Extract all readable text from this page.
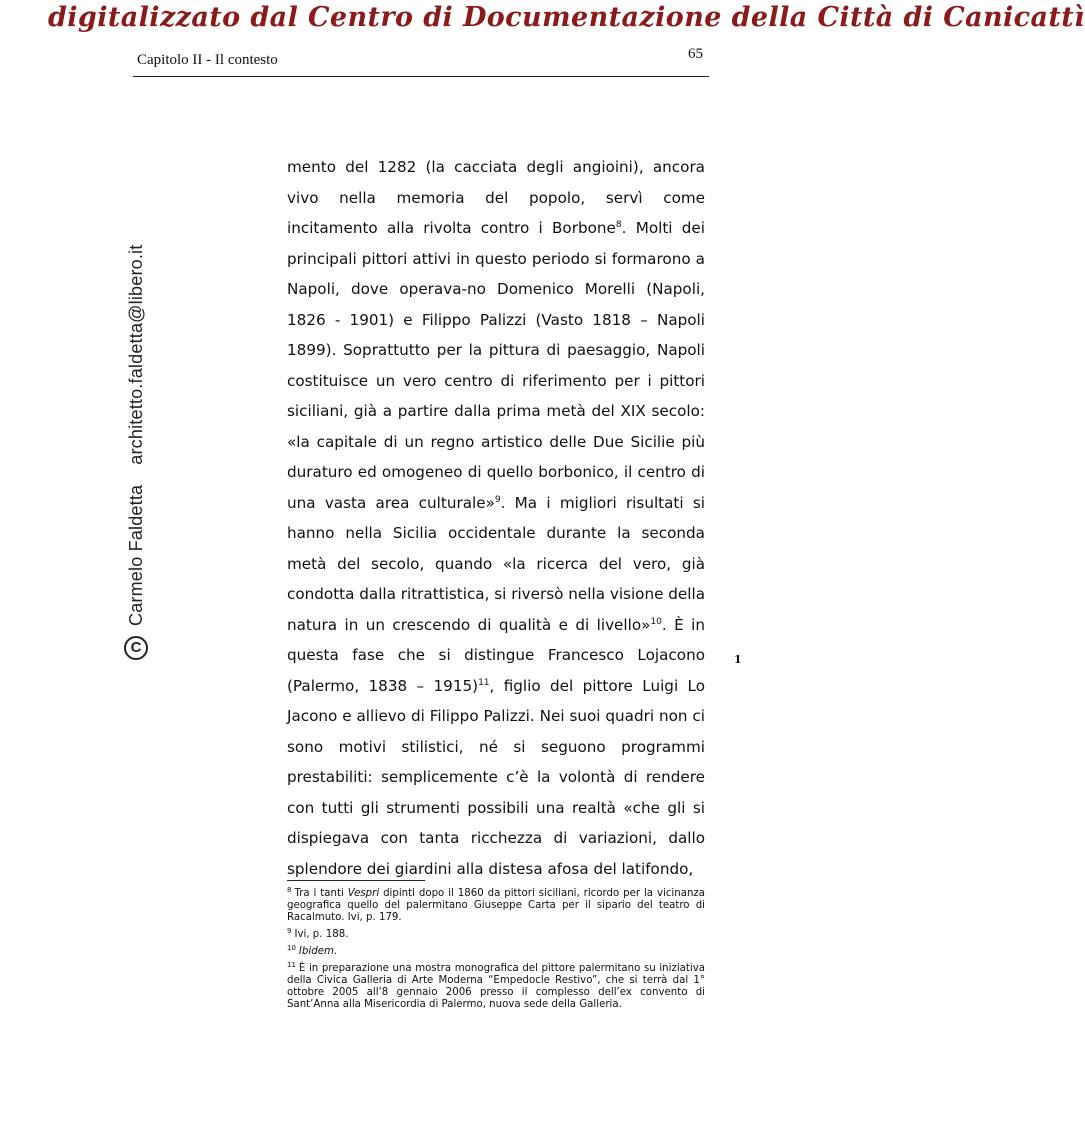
digitalizzato dal Centro di Documentazione della Città di Canicattì
Capitolo II - Il contesto	65
C
Carmelo Faldetta
architetto.faldetta@libero.it

mento del 1282 (la cacciata degli angioini), ancora vivo nella memoria del popolo, servì come incitamento alla rivolta contro i Borbone$^8$. Molti dei principali pittori attivi in questo periodo si formarono a Napoli, dove operava-no Domenico Morelli (Napoli, 1826 - 1901) e Filippo Palizzi (Vasto 1818 – Napoli 1899). Soprattutto per la pittura di paesaggio, Napoli costituisce un vero centro di riferimento per i pittori siciliani, già a partire dalla prima metà del XIX secolo: «la capitale di un regno artistico delle Due Sicilie più duraturo ed omogeneo di quello borbonico, il centro di una vasta area culturale»$^9$. Ma i migliori risultati si hanno nella Sicilia occidentale durante la seconda metà del secolo, quando «la ricerca del vero, già condotta dalla ritrattistica, si riversò nella visione della natura in un crescendo di qualità e di livello»$^{10}$. È in questa fase che si distingue Francesco Lojacono (Palermo, 1838 – 1915)$^{11}$, figlio del pittore Luigi Lo Jacono e allievo di Filippo Palizzi. Nei suoi quadri non ci sono motivi stilistici, né si seguono programmi prestabiliti: semplicemente c’è la volontà di rendere con tutti gli strumenti possibili una realtà «che gli si dispiegava con tanta ricchezza di variazioni, dallo splendore dei giardini alla distesa afosa del latifondo,

1

$^8$ Tra i tanti Vespri dipinti dopo il 1860 da pittori siciliani, ricordo per la vicinanza geografica quello del palermitano Giuseppe Carta per il sipario del teatro di Racalmuto. Ivi, p. 179.

$^9$ Ivi, p. 188.

$^{10}$ Ibidem.

$^{11}$ È in preparazione una mostra monografica del pittore palermitano su iniziativa della Civica Galleria di Arte Moderna “Empedocle Restivo”, che si terrà dal 1° ottobre 2005 all’8 gennaio 2006 presso il complesso dell’ex convento di Sant’Anna alla Misericordia di Palermo, nuova sede della Galleria.
